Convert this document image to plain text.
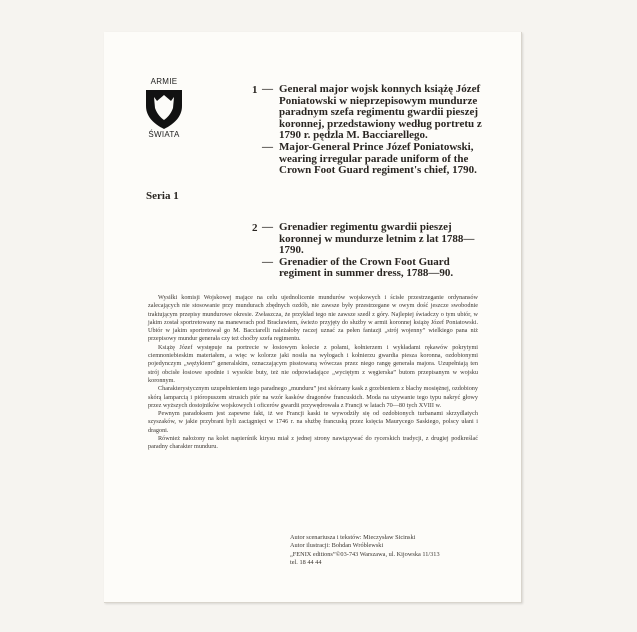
ARMIE
ŚWIATA
Seria 1
1 — General major wojsk konnych książę Józef Poniatowski w nieprzepisowym mundurze paradnym szefa regimentu gwardii pieszej koronnej, przedstawiony według portretu z 1790 r. pędzla M. Bacciarellego.
— Major-General Prince Józef Poniatowski, wearing irregular parade uniform of the Crown Foot Guard regiment's chief, 1790.
2 — Grenadier regimentu gwardii pieszej koronnej w mundurze letnim z lat 1788—1790.
— Grenadier of the Crown Foot Guard regiment in summer dress, 1788—90.

Wysiłki komisji Wojskowej mające na celu ujednolicenie mundurów wojskowych i ścisłe przestrzeganie ordynansów zalecających nie stosowanie przy mundurach zbędnych ozdób, nie zawsze były przestrzegane w owym dość jeszcze swobodnie traktującym przepisy mundurowe okresie. Zwłaszcza, że przykład tego nie zawsze szedł z góry. Najlepiej świadczy o tym ubiór, w jakim został sportretowany na manewrach pod Bracławiem, świeżo przyjęty do służby w armii koronnej książę Józef Poniatowski. Ubiór w jakim sportretował go M. Bacciarelli należałoby raczej uznać za pełen fantazji „strój wojenny” wielkiego pana niż przepisowy mundur generała czy też choćby szefa regimentu.

Książę Józef występuje na portrecie w łosiowym kolecie z połami, kołnierzem i wykładami rękawów pokrytymi ciemnoniebieskim materiałem, a więc w kolorze jaki nosiła na wyłogach i kołnierzu gwardia piesza koronna, ozdobionymi pojedynczym „wężykiem” generalskim, oznaczającym pisstowaną wówczas przez niego rangę generała majora. Uzupełniają ten strój obcisłe łosiowe spodnie i wysokie buty, też nie odpowiadające „wyciętym z węgierska” butom przepisanym w wojsku koronnym.

Charakterystycznym uzupełnieniem tego paradnego „munduru” jest skórzany kask z grzebieniem z blachy mosiężnej, ozdobiony skórą lamparcią i pióropuszem strusich piór na wzór kasków dragonów francuskich. Moda na używanie tego typu nakryć głowy przez wyższych dostojników wojskowych i oficerów gwardii przywędrowała z Francji w latach 70—80 tych XVIII w.

Pewnym paradoksem jest zapewne fakt, iż we Francji kaski te wywodziły się od ozdobionych turbanami skrzydlatych szyszaków, w jakie przybrani byli zaciągnięci w 1746 r. na służbę francuską przez księcia Maurycego Saskiego, polscy ułani i dragoni.

Również nałożony na kolet napierśnik kirysu miał z jednej strony nawiązywać do rycerskich tradycji, z drugiej podkreślać paradny charakter munduru.

Autor scenariusza i tekstów: Mieczysław Sicinski
Autor ilustracji: Bohdan Wróblewski
„FENIX editions”©03-743 Warszawa, ul. Kijowska 11/313
tel. 18 44 44
